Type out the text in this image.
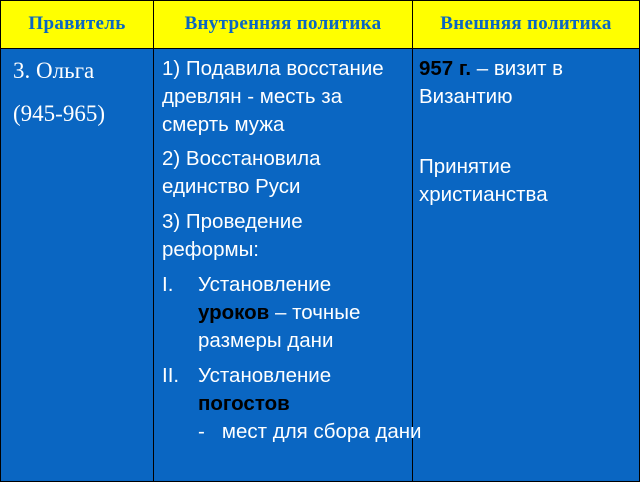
Правитель	Внутренняя политика	Внешняя политика
3. Ольга
(945-965)
1) Подавила восстание древлян - месть за смерть мужа
2) Восстановила единство Руси
3) Проведение реформы:
I. Установление уроков – точные размеры дани
II. Установление погостов -   мест для сбора дани
957 г. – визит в Византию
Принятие христианства
